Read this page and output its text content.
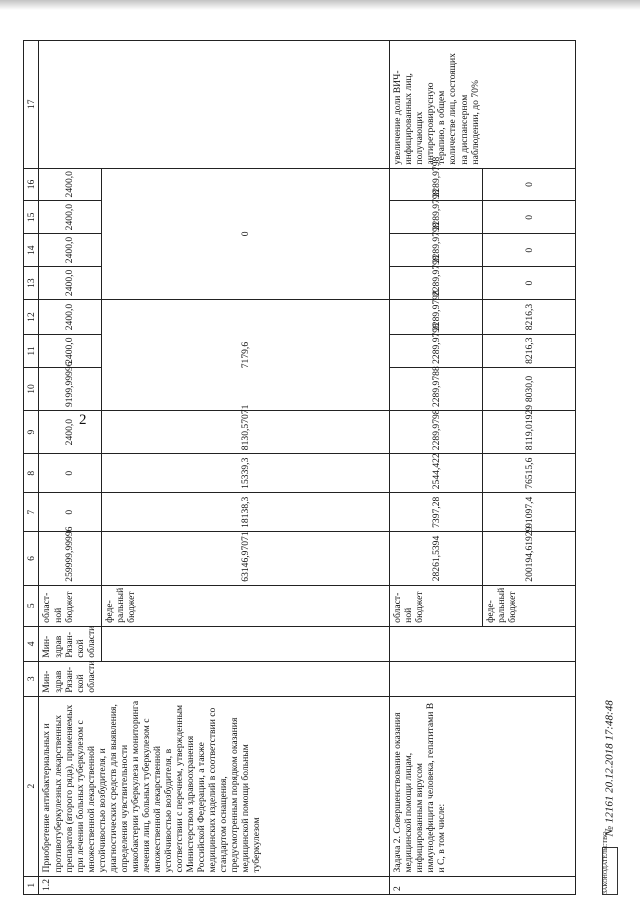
2
1	2	3	4	5	6	7	8	9	10	11	12	13	14	15	16	17
1.2	Приобретение антибактериальных и противотуберкулезных лекарственных препаратов (второго ряда), применяемых при лечении больных туберкулезом с множественной лекарственной устойчивостью возбудителя, и диагностических средств для выявления, определения чувствительности микобактерии туберкулеза и мониторинга лечения лиц, больных туберкулезом с множественной лекарственной устойчивостью возбудителя, в соответствии с перечнем, утвержденным Министерством здравоохранения Российской Федерации, а также медицинских изделий в соответствии со стандартом оснащения, предусмотренным порядком оказания медицинской помощи больным туберкулезом	Мин-здрав Рязан-ской области	Мин-здрав Рязан-ской области	област-ной бюджет	259999,99996	0	0	2400,0	9199,99996	2400,0	2400,0	2400,0	2400,0	2400,0	2400,0	
				феде-ральный бюджет	63146,97071	18138,3	15339,3	8130,57071	7179,6			0				
2	Задача 2. Совершенствование оказания медицинской помощи лицам, инфицированным вирусом иммунодефицита человека, гепатитами В и С, в том числе:			област-ной бюджет	28261,5394	7397,28	2544,422	2289,9798	2289,9788	2289,9798	2289,9798	2289,9798	2289,9798	2289,9798	2289,9798	увеличение доли ВИЧ-инфицированных лиц, получающих антиретровирусную терапию, в общем количестве лиц, состоящих на диспансерном наблюдении, до 70%
				феде-ральный бюджет	200194,61929	91097,4	76515,6	8119,01929	8030,0	8216,3	8216,3	0	0	0	0	
ЗАКОНОДАТЕЛЬСТВО № 12161 20.12.2018 17:48:48
